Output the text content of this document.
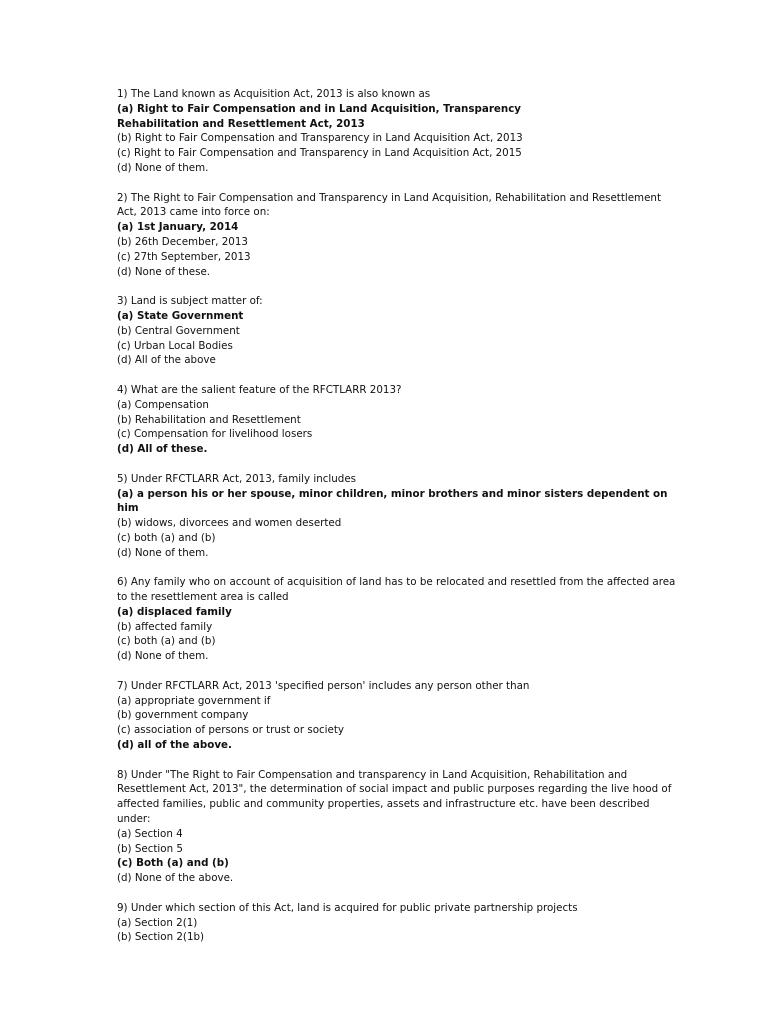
1) The Land known as Acquisition Act, 2013 is also known as
(a) Right to Fair Compensation and in Land Acquisition, Transparency
Rehabilitation and Resettlement Act, 2013
(b) Right to Fair Compensation and Transparency in Land Acquisition Act, 2013
(c) Right to Fair Compensation and Transparency in Land Acquisition Act, 2015
(d) None of them.
2) The Right to Fair Compensation and Transparency in Land Acquisition, Rehabilitation and Resettlement Act, 2013 came into force on:
(a) 1st January, 2014
(b) 26th December, 2013
(c) 27th September, 2013
(d) None of these.
3) Land is subject matter of:
(a) State Government
(b) Central Government
(c) Urban Local Bodies
(d) All of the above
4) What are the salient feature of the RFCTLARR 2013?
(a) Compensation
(b) Rehabilitation and Resettlement
(c) Compensation for livelihood losers
(d) All of these.
5) Under RFCTLARR Act, 2013, family includes
(a) a person his or her spouse, minor children, minor brothers and minor sisters dependent on him
(b) widows, divorcees and women deserted
(c) both (a) and (b)
(d) None of them.
6) Any family who on account of acquisition of land has to be relocated and resettled from the affected area to the resettlement area is called
(a) displaced family
(b) affected family
(c) both (a) and (b)
(d) None of them.
7) Under RFCTLARR Act, 2013 'specified person' includes any person other than
(a) appropriate government if
(b) government company
(c) association of persons or trust or society
(d) all of the above.
8) Under "The Right to Fair Compensation and transparency in Land Acquisition, Rehabilitation and Resettlement Act, 2013", the determination of social impact and public purposes regarding the live hood of affected families, public and community properties, assets and infrastructure etc. have been described under:
(a) Section 4
(b) Section 5
(c) Both (a) and (b)
(d) None of the above.
9) Under which section of this Act, land is acquired for public private partnership projects
(a) Section 2(1)
(b) Section 2(1b)
